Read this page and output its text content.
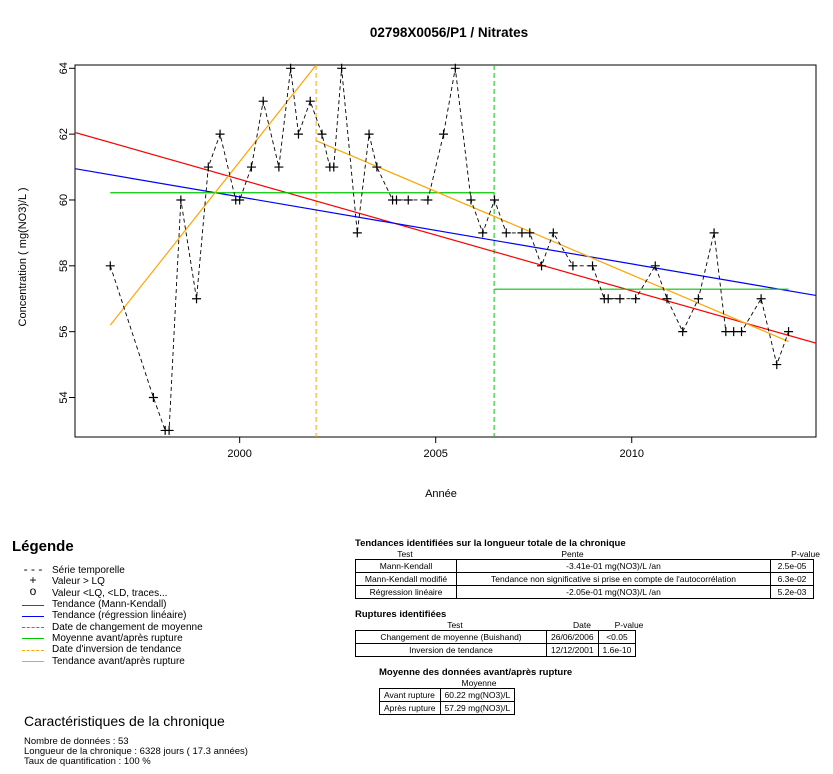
02798X0056/P1 / Nitrates
Année
Concentration ( mg(NO3)/L )
2000	2005	2010
54
56
58
60
62
64
Légende
- - - Série temporelle
+	Valeur > LQ
o	Valeur <LQ, <LD, traces...
Tendance (Mann-Kendall)
Tendance (régression linéaire)
Date de changement de moyenne
Moyenne avant/après rupture
Date d'inversion de tendance
Tendance avant/après rupture
Caractéristiques de la chronique
Nombre de données : 53
Longueur de la chronique : 6328 jours ( 17.3 années)
Taux de quantification : 100 %
Tendances identifiées sur la longueur totale de la chronique
Test	Pente	P-value
Mann-Kendall	-3.41e-01 mg(NO3)/L /an	2.5e-05
Mann-Kendall modifié	Tendance non significative si prise en compte de l'autocorrélation	6.3e-02
Régression linéaire	-2.05e-01 mg(NO3)/L /an	5.2e-03
Ruptures identifiées
Test	Date	P-value
Changement de moyenne (Buishand)	26/06/2006	<0.05
Inversion de tendance	12/12/2001	1.6e-10
Moyenne des données avant/après rupture
Moyenne
Avant rupture	60.22 mg(NO3)/L
Après rupture	57.29 mg(NO3)/L
